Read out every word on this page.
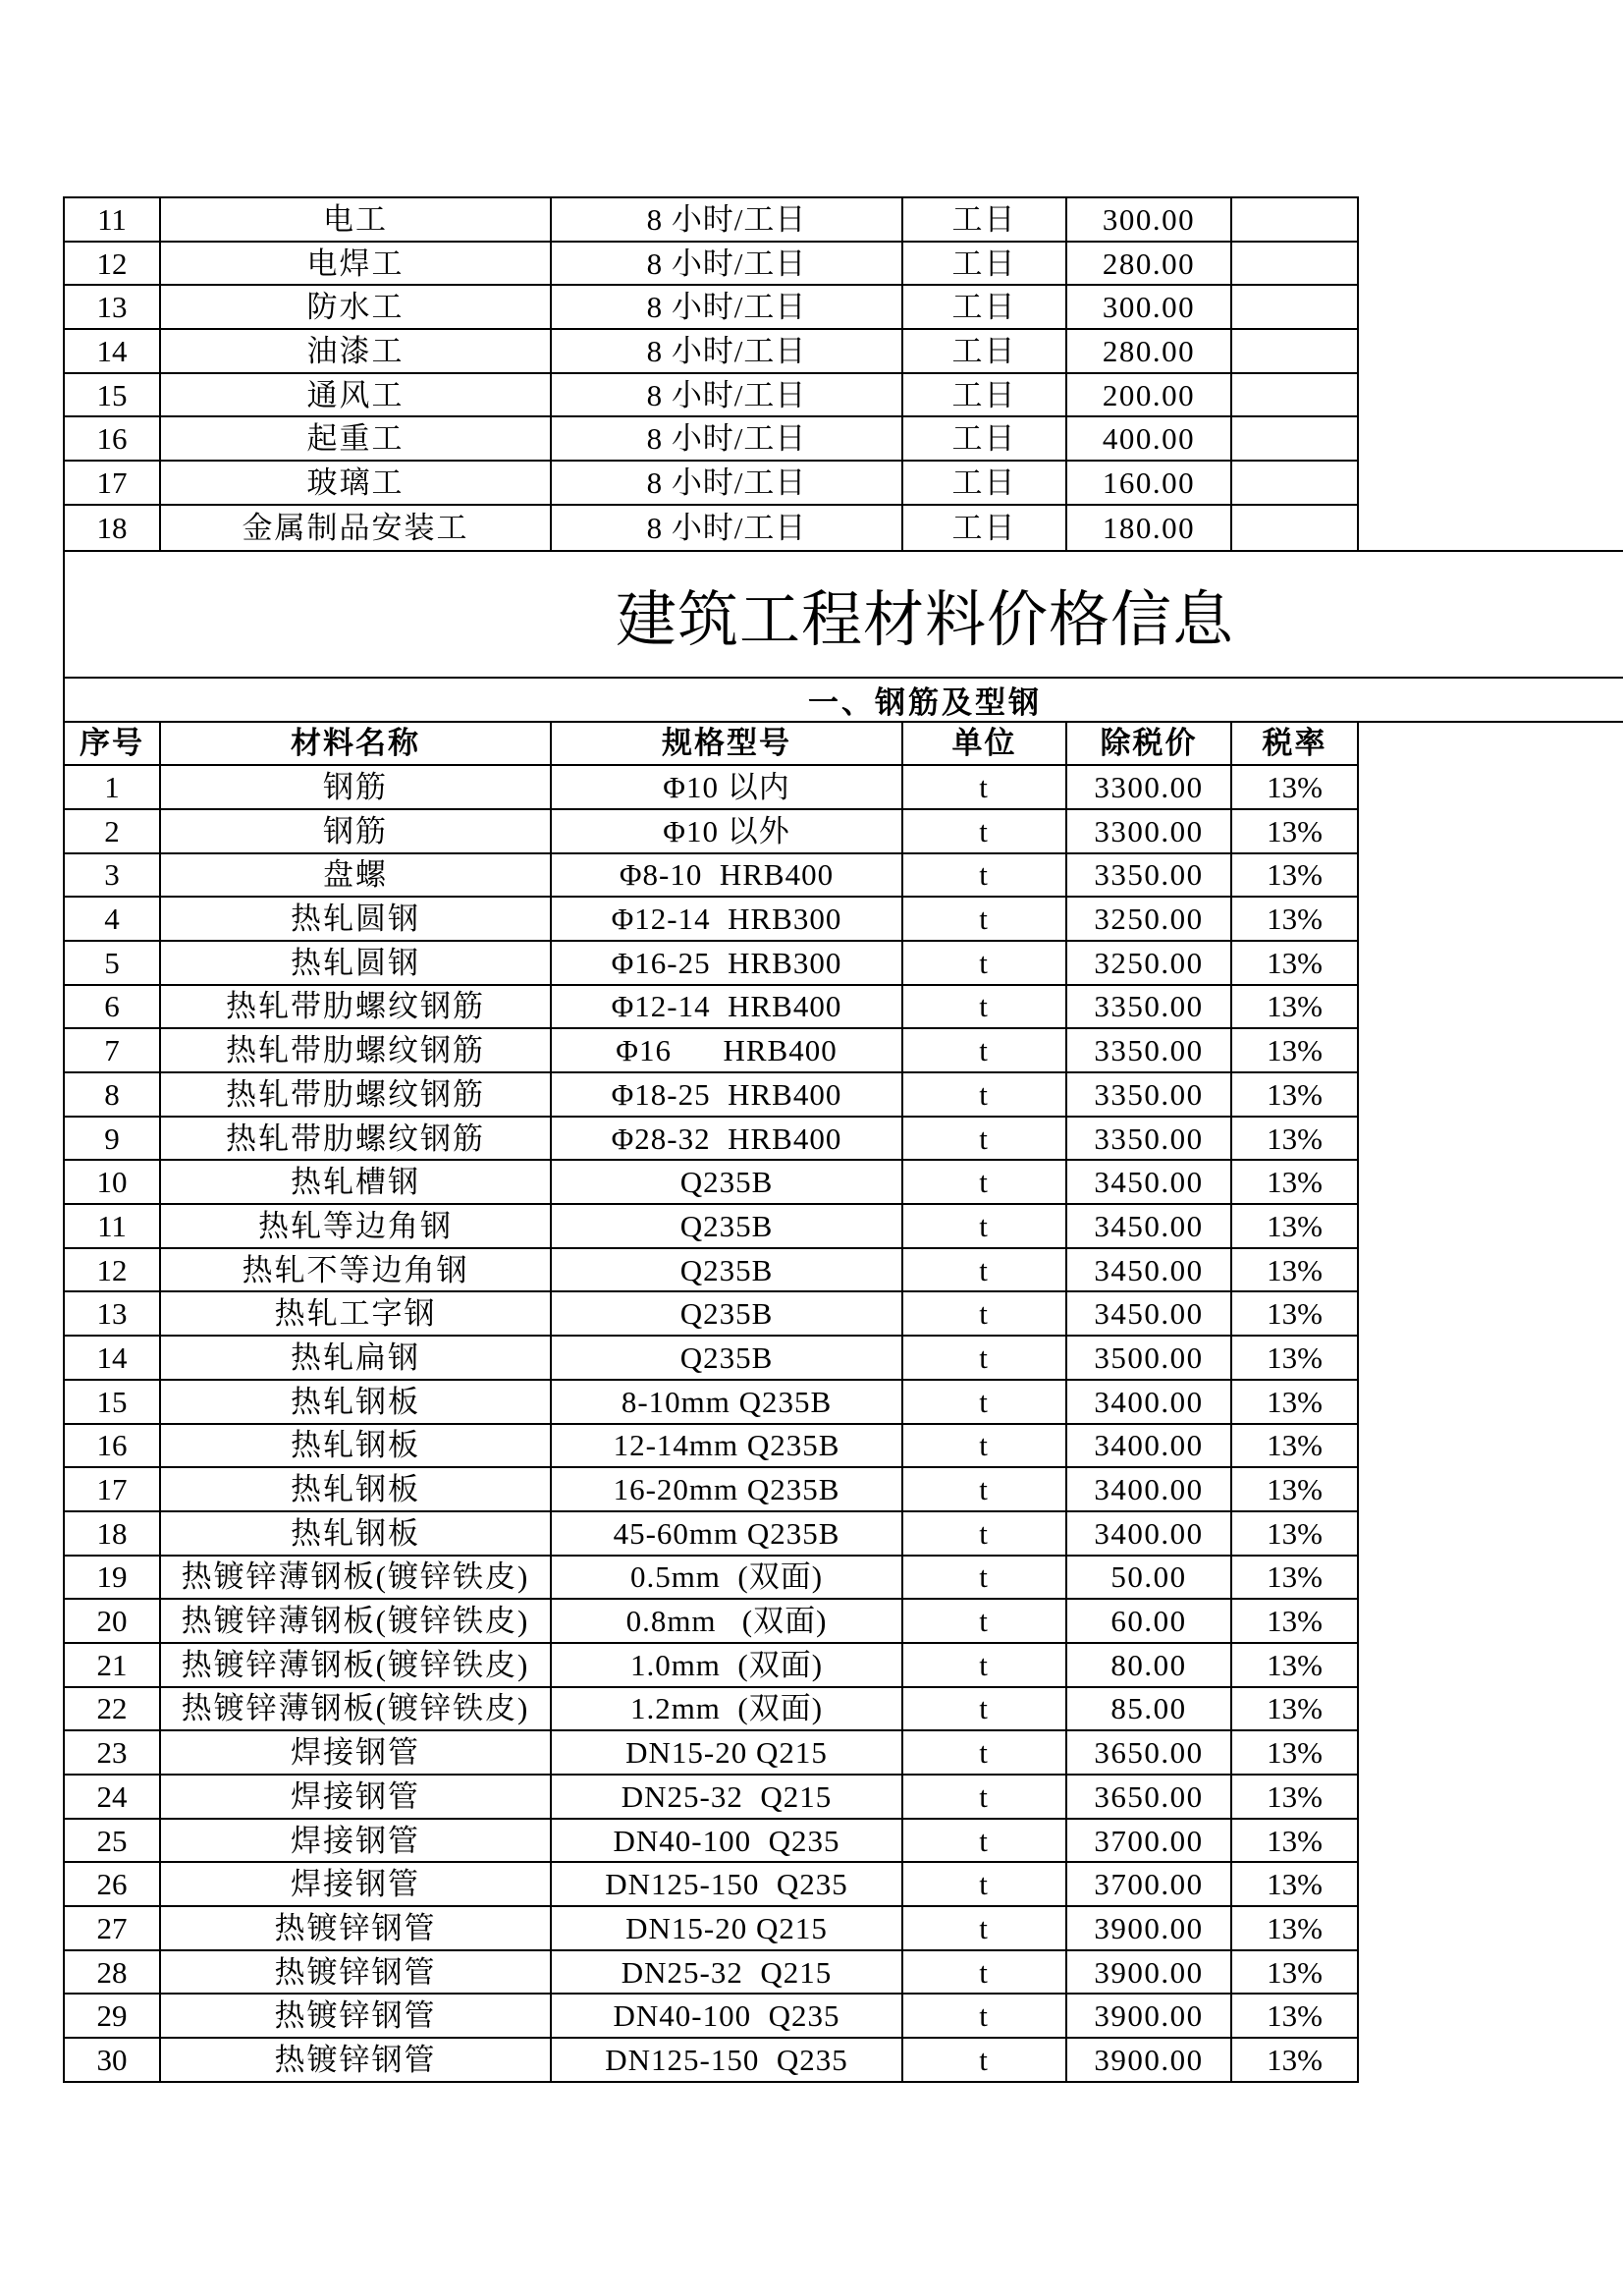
11	电工	8 小时/工日	工日	300.00
12	电焊工	8 小时/工日	工日	280.00
13	防水工	8 小时/工日	工日	300.00
14	油漆工	8 小时/工日	工日	280.00
15	通风工	8 小时/工日	工日	200.00
16	起重工	8 小时/工日	工日	400.00
17	玻璃工	8 小时/工日	工日	160.00
18	金属制品安装工	8 小时/工日	工日	180.00
建筑工程材料价格信息
一、钢筋及型钢
序号	材料名称	规格型号	单位	除税价	税率
1	钢筋	Φ10 以内	t	3300.00	13%
2	钢筋	Φ10 以外	t	3300.00	13%
3	盘螺	Φ8-10  HRB400	t	3350.00	13%
4	热轧圆钢	Φ12-14  HRB300	t	3250.00	13%
5	热轧圆钢	Φ16-25  HRB300	t	3250.00	13%
6	热轧带肋螺纹钢筋	Φ12-14  HRB400	t	3350.00	13%
7	热轧带肋螺纹钢筋	Φ16      HRB400	t	3350.00	13%
8	热轧带肋螺纹钢筋	Φ18-25  HRB400	t	3350.00	13%
9	热轧带肋螺纹钢筋	Φ28-32  HRB400	t	3350.00	13%
10	热轧槽钢	Q235B	t	3450.00	13%
11	热轧等边角钢	Q235B	t	3450.00	13%
12	热轧不等边角钢	Q235B	t	3450.00	13%
13	热轧工字钢	Q235B	t	3450.00	13%
14	热轧扁钢	Q235B	t	3500.00	13%
15	热轧钢板	8-10mm Q235B	t	3400.00	13%
16	热轧钢板	12-14mm Q235B	t	3400.00	13%
17	热轧钢板	16-20mm Q235B	t	3400.00	13%
18	热轧钢板	45-60mm Q235B	t	3400.00	13%
19	热镀锌薄钢板(镀锌铁皮)	0.5mm  (双面)	t	50.00	13%
20	热镀锌薄钢板(镀锌铁皮)	0.8mm   (双面)	t	60.00	13%
21	热镀锌薄钢板(镀锌铁皮)	1.0mm  (双面)	t	80.00	13%
22	热镀锌薄钢板(镀锌铁皮)	1.2mm  (双面)	t	85.00	13%
23	焊接钢管	DN15-20 Q215	t	3650.00	13%
24	焊接钢管	DN25-32  Q215	t	3650.00	13%
25	焊接钢管	DN40-100  Q235	t	3700.00	13%
26	焊接钢管	DN125-150  Q235	t	3700.00	13%
27	热镀锌钢管	DN15-20 Q215	t	3900.00	13%
28	热镀锌钢管	DN25-32  Q215	t	3900.00	13%
29	热镀锌钢管	DN40-100  Q235	t	3900.00	13%
30	热镀锌钢管	DN125-150  Q235	t	3900.00	13%
